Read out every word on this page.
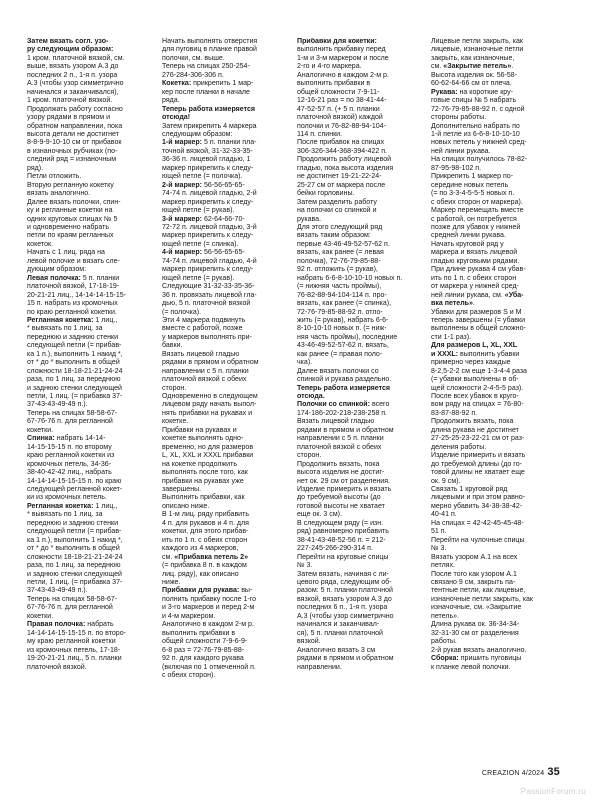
Затем вязать согл. узо-

ру следующим образом:

1 кром. платочной вязкой, см.

выше, вязать узором А.3 до

последних 2 п., 1-я п. узора

А.3 (чтобы узор симметрично

начинался и заканчивался),

1 кром. платочной вязкой.

Продолжать работу согласно

узору рядами в прямом и

обратном направлении, пока

высота детали не достигнет

8-8-9-9-10-10 см от прибавок

в изнаночных рубчиках (по-

следний ряд = изнаночным

ряд).

Петли отложить.

Вторую регланную кокетку

вязать аналогично.

Далее вязать полочки, спин-

ку и регланные кокетки на

одних круговых спицах № 5

и одновременно набрать

петли по краям регланных

кокеток.

Начать с 1 лиц. ряда на

левой полочке и вязать сле-

дующим образом:

Левая полочка: 5 п. планки

платочной вязкой, 17-18-19-

20-21-21 лиц., 14-14-14-15-15-

15 п. набрать из кромочных

по краю регланной кокетки.

Регланная кокетка: 1 лиц.,

* вывязать по 1 лиц. за

переднюю и заднюю стенки

следующей петли (= прибав-

ка 1 п.), выполнить 1 накид *,

от * до * выполнить в общей

сложности 18-18-21-21-24-24

раза, по 1 лиц. за переднюю

и заднюю стенки следующей

петли, 1 лиц. (= прибавка 37-

37-43-43-49-49 п.).

Теперь на спицах 58-58-67-

67-76-76 п. для регланной

кокетки.

Спинка: набрать 14-14-

14-15-15-15 п. по второму

краю регланной кокетки из

кромочных петель, 34-36-

38-40-42-42 лиц., набрать

14-14-14-15-15-15 п. по краю

следующей регланной кокет-

ки из кромочных петель.

Регланная кокетка: 1 лиц.,

* вывязать по 1 лиц. за

переднюю и заднюю стенки

следующей петли (= прибав-

ка 1 п.), выполнить 1 накид *,

от * до * выполнить в общей

сложности 18-18-21-21-24-24

раза, по 1 лиц. за переднюю

и заднюю стенки следующей

петли, 1 лиц. (= прибавка 37-

37-43-43-49-49 п.).

Теперь на спицах 58-58-67-

67-76-76 п. для регланной

кокетки.

Правая полочка: набрать

14-14-14-15-15-15 п. по второ-

му краю регланной кокетки

из кромочных петель, 17-18-

19-20-21-21 лиц., 5 п. планки

платочной вязкой.

Начать выполнять отверстия

для пуговиц в планке правой

полочки, см. выше.

Теперь на спицах 250-254-

276-284-306-306 п.

Кокетка: прикрепить 1 мар-

кер после планки в начале

ряда.

Теперь работа измеряется

отсюда!

Затем прикрепить 4 маркера

следующим образом:

1-й маркер: 5 п. планки пла-

точной вязкой, 31-32-33-35-

36-36 п. лицевой гладью, 1

маркер прикрепить к следу-

ющей петле (= полочка).

2-й маркер: 56-56-65-65-

74-74 п. лицевой гладью, 2-й

маркер прикрепить к следу-

ющей петле (= рукав).

3-й маркер: 62-64-66-70-

72-72 п. лицевой гладью, 3-й

маркер прикрепить к следу-

ющей петле (= спинка).

4-й маркер: 56-56-65-65-

74-74 п. лицевой гладью, 4-й

маркер прикрепить к следу-

ющей петле (= рукав).

Следующие 31-32-33-35-36-

36 п. провязать лицевой гла-

дью, 5 п. платочной вязкой

(= полочка).

Эти 4 маркера подвинуть

вместе с работой, позже

у маркеров выполнять при-

бавки.

Вязать лицевой гладью

рядами в прямом и обратном

направлении с 5 п. планки

платочной вязкой с обеих

сторон.

Одновременно в следующем

лицевом ряду начать выпол-

нять прибавки на рукавах и

кокетке.

Прибавки на рукавах и

кокетке выполнять одно-

временно, но для размеров

L, XL, XXL и XXXL прибавки

на кокетке продолжить

выполнять после того, как

прибавки на рукавах уже

завершены.

Выполнить прибавки, как

описано ниже.

В 1-м лиц. ряду прибавить

4 п. для рукавов и 4 п. для

кокетки, для этого прибав-

ить по 1 п. с обеих сторон

каждого из 4 маркеров,

см. «Прибавка петель 2»

(= прибавка 8 п. в каждом

лиц. ряду), как описано

ниже.

Прибавки для рукава: вы-

полнить прибавку после 1-го

и 3-го маркеров и перед 2-м

и 4-м маркером.

Аналогично в каждом 2-м р.

выполнить прибавки в

общей сложности 7-9-6-9-

6-8 раз = 72-76-79-85-88-

92 п. для каждого рукава

(включая по 1 отмеченной п.

с обеих сторон).

Прибавки для кокетки:

выполнить прибавку перед

1-м и 3-м маркером и после

2-го и 4-го маркера.

Аналогично в каждом 2-м р.

выполнить прибавки в

общей сложности 7-9-11-

12-16-21 раз = по 38-41-44-

47-52-57 п. (+ 5 п. планки

платочной вязкой) каждой

полочки и 76-82-88-94-104-

114 п. спинки.

После прибавок на спицах

306-326-344-368-394-422 п.

Продолжить работу лицевой

гладью, пока высота изделия

не достигнет 19-21-22-24-

25-27 см от маркера после

бейки горловины.

Затем разделить работу

на полочки со спинкой и

рукава.

Для этого следующий ряд

вязать таким образом:

первые 43-46-49-52-57-62 п.

вязать, как ранее (= левая

полочка), 72-76-79-85-88-

92 п. отложить (= рукав),

набрать 6-6-8-10-10-10 новых п.

(= нижняя часть проймы),

76-82-88-94-104-114 п. про-

вязать, как ранее (= спинка),

72-76-79-85-88-92 п. отло-

жить (= рукав), набрать 6-6-

8-10-10-10 новых п. (= ниж-

няя часть проймы), последние

43-46-49-52-57-62 п. вязать,

как ранее (= правая поло-

чка).

Далее вязать полочки со

спинкой и рукава раздельно.

Теперь работа измеряется

отсюда.

Полочки со спинкой: всего

174-186-202-218-238-258 п.

Вязать лицевой гладью

рядами в прямом и обратном

направлении с 5 п. планки

платочной вязкой с обеих

сторон.

Продолжить вязать, пока

высота изделия не достиг-

нет ок. 29 см от разделения.

Изделие примерить и вязать

до требуемой высоты (до

готовой высоты не хватает

еще ок. 3 см).

В следующем ряду (= изн.

ряд) равномерно прибавить

38-41-43-48-52-56 п. = 212-

227-245-266-290-314 п.

Перейти на круговые спицы

№ 3.

Затем вязать, начиная с ли-

цевого ряда, следующим об-

разом: 5 п. планки платочной

вязкой, вязать узором А.3 до

последних 6 п., 1-я п. узора

А.3 (чтобы узор симметрично

начинался и заканчивал-

ся), 5 п. планки платочной

вязкой.

Аналогично вязать 3 см

рядами в прямом и обратном

направлении.

Лицевые петли закрыть, как

лицевые, изнаночные петли

закрыть, как изнаночные,

см. «Закрытие петель».

Высота изделия ок. 56-58-

60-62-64-66 см от плеча.

Рукава: на короткие кру-

говые спицы № 5 набрать

72-76-79-85-88-92 п. с одной

стороны работы.

Дополнительно набрать по

1-й петле из 6-6-8-10-10-10

новых петель у нижней сред-

ней линии рукава.

На спицах получилось 78-82-

87-95-98-102 п.

Прикрепить 1 маркер по-

середине новых петель

(= по 3-3-4-5-5-5 новых п.

с обеих сторон от маркера).

Маркер перемещать вместе

с работой, он потребуется

позже для убавок у нижней

средней линии рукава.

Начать круговой ряд у

маркера и вязать лицевой

гладью круговыми рядами.

При длине рукава 4 см убав-

ить по 1 п. с обеих сторон

от маркера у нижней сред-

ней линии рукава, см. «Уба-

вка петель».

Убавки для размеров S и M

теперь завершены (= убавки

выполнены в общей сложно-

сти 1-1 раз).

Для размеров L, XL, XXL

и XXXL: выполнить убавки

примерно через каждые

8-2,5-2-2 см еще 1-3-4-4 раза

(= убавки выполнены в об-

щей сложности 2-4-5-5 раз).

После всех убавок в круго-

вом ряду на спицах = 76-80-

83-87-88-92 п.

Продолжить вязать, пока

длина рукава не достигнет

27-25-25-23-22-21 см от раз-

деления работы.

Изделие примерить и вязать

до требуемой длины (до го-

товой длины не хватает еще

ок. 9 см).

Связать 1 круговой ряд

лицевыми и при этом равно-

мерно убавить 34-38-38-42-

40-41 п.

На спицах = 42-42-45-45-48-

51 п.

Перейти на чулочные спицы

№ 3.

Вязать узором А.1 на всех

петлях.

После того как узором А.1

связано 9 см, закрыть па-

тентные петли, как лицевые,

изнаночные петли закрыть, как

изначочные, см. «Закрытие

петель».

Длина рукава ок. 36-34-34-

32-31-30 см от разделения

работы.

2-й рукав вязать аналогично.

Сборка: пришить пуговицы

к планке левой полочки.

CREAZION 4/2024 35
PassionForum.ru
